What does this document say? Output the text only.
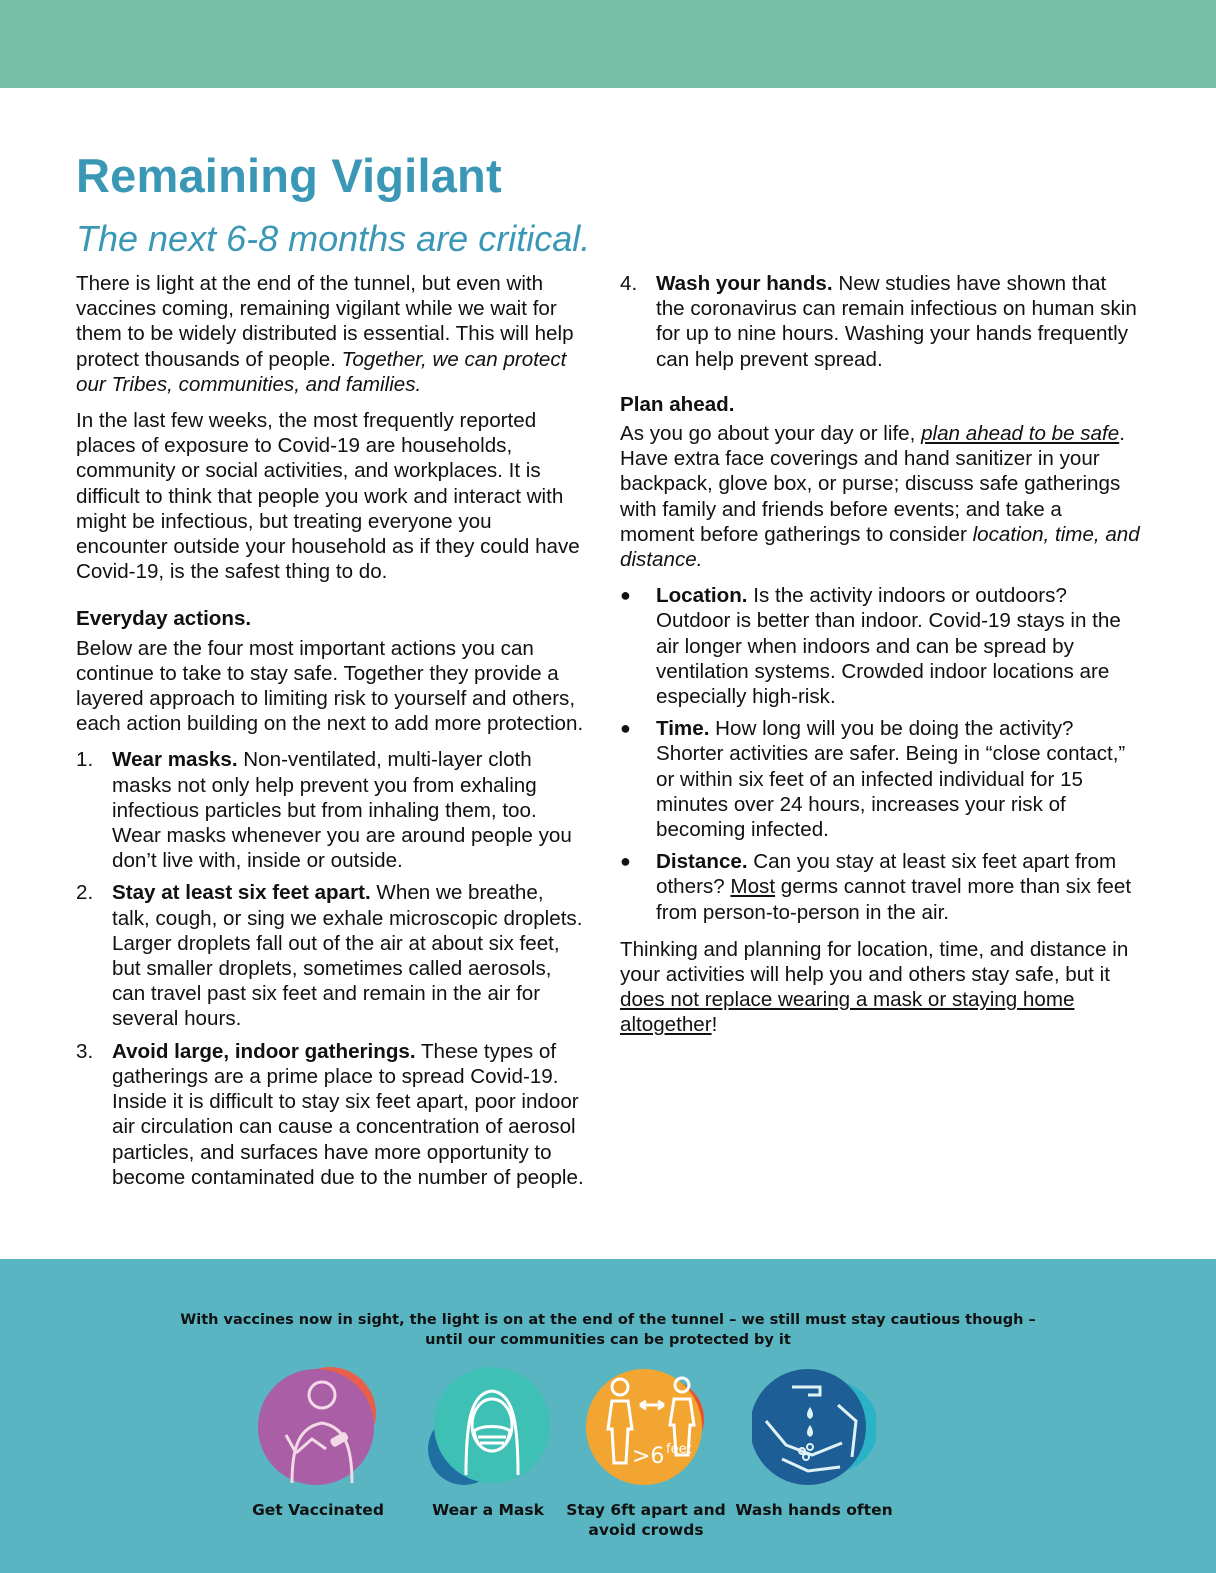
Remaining Vigilant
The next 6-8 months are critical.

There is light at the end of the tunnel, but even with vaccines coming, remaining vigilant while we wait for them to be widely distributed is essential. This will help protect thousands of people. Together, we can protect our Tribes, communities, and families.

In the last few weeks, the most frequently reported places of exposure to Covid-19 are households, community or social activities, and workplaces. It is difficult to think that people you work and interact with might be infectious, but treating everyone you encounter outside your household as if they could have Covid-19, is the safest thing to do.

Everyday actions.

Below are the four most important actions you can continue to take to stay safe. Together they provide a layered approach to limiting risk to yourself and others, each action building on the next to add more protection.

1. Wear masks. Non-ventilated, multi-layer cloth masks not only help prevent you from exhaling infectious particles but from inhaling them, too. Wear masks whenever you are around people you don’t live with, inside or outside.
2. Stay at least six feet apart. When we breathe, talk, cough, or sing we exhale microscopic droplets. Larger droplets fall out of the air at about six feet, but smaller droplets, sometimes called aerosols, can travel past six feet and remain in the air for several hours.
3. Avoid large, indoor gatherings. These types of gatherings are a prime place to spread Covid-19. Inside it is difficult to stay six feet apart, poor indoor air circulation can cause a concentration of aerosol particles, and surfaces have more opportunity to become contaminated due to the number of people.
4. Wash your hands. New studies have shown that the coronavirus can remain infectious on human skin for up to nine hours. Washing your hands frequently can help prevent spread.
Plan ahead.

As you go about your day or life, plan ahead to be safe. Have extra face coverings and hand sanitizer in your backpack, glove box, or purse; discuss safe gatherings with family and friends before events; and take a moment before gatherings to consider location, time, and distance.

● Location. Is the activity indoors or outdoors? Outdoor is better than indoor. Covid-19 stays in the air longer when indoors and can be spread by ventilation systems. Crowded indoor locations are especially high-risk.
● Time. How long will you be doing the activity? Shorter activities are safer. Being in “close contact,” or within six feet of an infected individual for 15 minutes over 24 hours, increases your risk of becoming infected.
● Distance. Can you stay at least six feet apart from others? Most germs cannot travel more than six feet from person-to-person in the air.

Thinking and planning for location, time, and distance in your activities will help you and others stay safe, but it does not replace wearing a mask or staying home altogether!

With vaccines now in sight, the light is on at the end of the tunnel – we still must stay cautious though – until our communities can be protected by it
Get Vaccinated	Wear a Mask
>6 feet
Stay 6ft apart and avoid crowds
Wash hands often
